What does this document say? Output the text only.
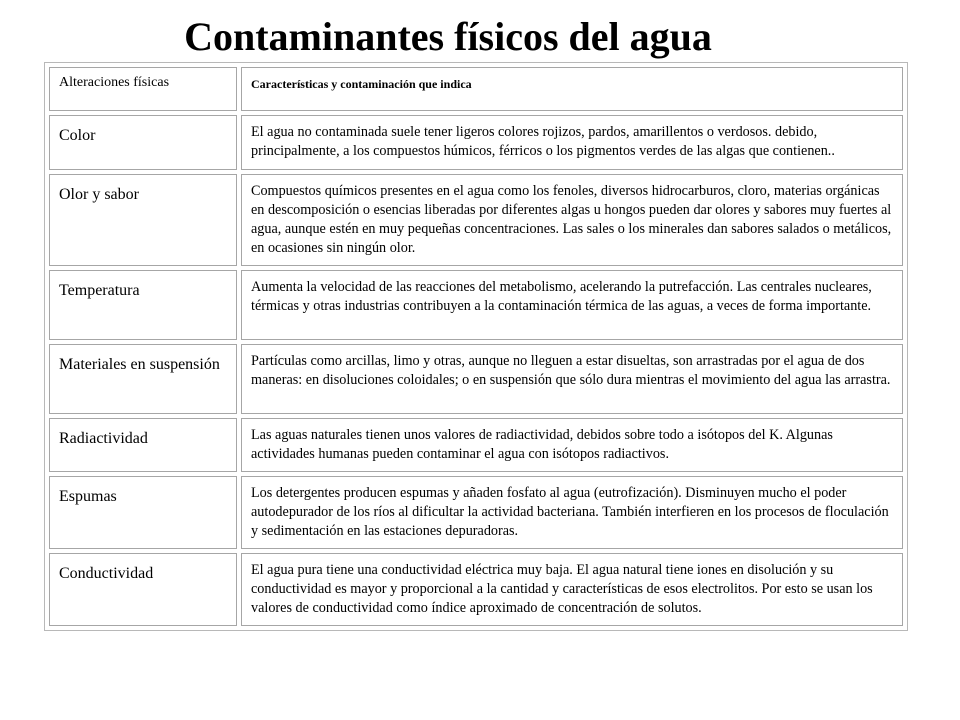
Contaminantes físicos del agua
Alteraciones físicas	Características y contaminación que indica
Color	El agua no contaminada suele tener ligeros colores rojizos, pardos, amarillentos o verdosos. debido, principalmente, a los compuestos húmicos, férricos o los pigmentos verdes de las algas que contienen..
Olor y sabor	Compuestos químicos presentes en el agua como los fenoles, diversos hidrocarburos, cloro, materias orgánicas en descomposición o esencias liberadas por diferentes algas u hongos pueden dar olores y sabores muy fuertes al agua, aunque estén en muy pequeñas concentraciones. Las sales o los minerales dan sabores salados o metálicos, en ocasiones sin ningún olor.
Temperatura	Aumenta la velocidad de las reacciones del metabolismo, acelerando la putrefacción. Las centrales nucleares, térmicas y otras industrias contribuyen a la contaminación térmica de las aguas, a veces de forma importante.
Materiales en suspensión	Partículas como arcillas, limo y otras, aunque no lleguen a estar disueltas, son arrastradas por el agua de dos maneras: en disoluciones coloidales; o en suspensión que sólo dura mientras el movimiento del agua las arrastra.
Radiactividad	Las aguas naturales tienen unos valores de radiactividad, debidos sobre todo a isótopos del K. Algunas actividades humanas pueden contaminar el agua con isótopos radiactivos.
Espumas	Los detergentes producen espumas y añaden fosfato al agua (eutrofización). Disminuyen mucho el poder autodepurador de los ríos al dificultar la actividad bacteriana. También interfieren en los procesos de floculación y sedimentación en las estaciones depuradoras.
Conductividad	El agua pura tiene una conductividad eléctrica muy baja. El agua natural tiene iones en disolución y su conductividad es mayor y proporcional a la cantidad y características de esos electrolitos. Por esto se usan los valores de conductividad como índice aproximado de concentración de solutos.
